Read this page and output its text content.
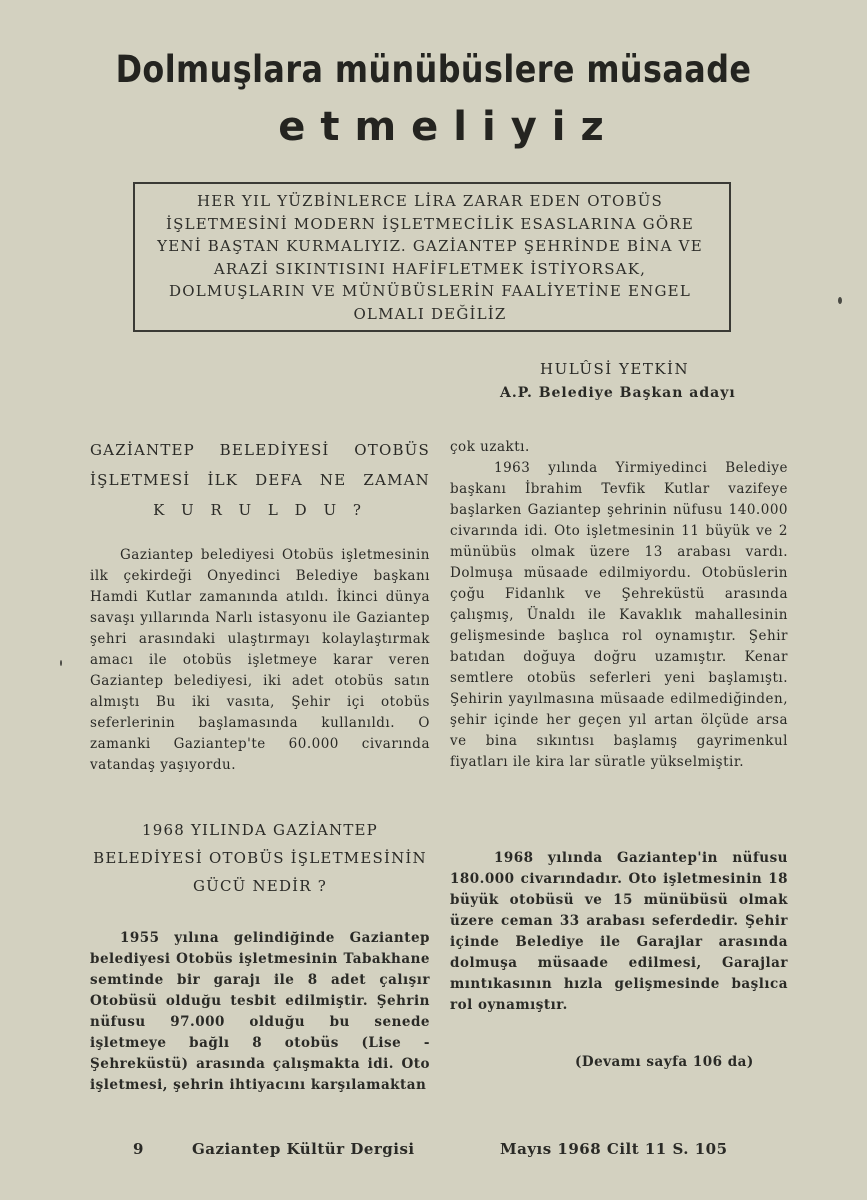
Dolmuşlara münübüslere müsaade
etmeliyiz
HER YIL YÜZBİNLERCE LİRA ZARAR EDEN OTOBÜS İŞLETMESİNİ MODERN İŞLETMECİLİK ESASLARINA GÖRE YENİ BAŞTAN KURMALIYIZ. GAZİANTEP ŞEHRİNDE BİNA VE ARAZİ SIKINTISINI HAFİFLETMEK İSTİYORSAK, DOLMUŞLARIN VE MÜNÜBÜSLERİN FAALİYETİNE ENGEL OLMALI DEĞİLİZ
HULÛSİ YETKİN
A.P. Belediye Başkan adayı
GAZİANTEP BELEDİYESİ OTOBÜS İŞLETMESİ İLK DEFA NE ZAMAN
K U R U L D U ?
Gaziantep belediyesi Otobüs işletmesinin ilk çekirdeği Onyedinci Belediye başkanı Hamdi Kutlar zamanında atıldı. İkinci dünya savaşı yıllarında Narlı istasyonu ile Gaziantep şehri arasındaki ulaştırmayı kolaylaştırmak amacı ile otobüs işletmeye karar veren Gaziantep belediyesi, iki adet otobüs satın almıştı Bu iki vasıta, Şehir içi otobüs seferlerinin başlamasında kullanıldı. O zamanki Gaziantep'te 60.000 civarında vatandaş yaşıyordu.
1968 YILINDA GAZİANTEP
BELEDİYESİ OTOBÜS İŞLETMESİNİN
GÜCÜ NEDİR ?
1955 yılına gelindiğinde Gaziantep belediyesi Otobüs işletmesinin Tabakhane semtinde bir garajı ile 8 adet çalışır Otobüsü olduğu tesbit edilmiştir. Şehrin nüfusu 97.000 olduğu bu senede işletmeye bağlı 8 otobüs (Lise - Şehreküstü) arasında çalışmakta idi. Oto işletmesi, şehrin ihtiyacını karşılamaktan
çok uzaktı.
1963 yılında Yirmiyedinci Belediye başkanı İbrahim Tevfik Kutlar vazifeye başlarken Gaziantep şehrinin nüfusu 140.000 civarında idi. Oto işletmesinin 11 büyük ve 2 münübüs olmak üzere 13 arabası vardı. Dolmuşa müsaade edilmiyordu. Otobüslerin çoğu Fidanlık ve Şehreküstü arasında çalışmış, Ünaldı ile Kavaklık mahallesinin gelişmesinde başlıca rol oynamıştır. Şehir batıdan doğuya doğru uzamıştır. Kenar semtlere otobüs seferleri yeni başlamıştı. Şehirin yayılmasına müsaade edilmediğinden, şehir içinde her geçen yıl artan ölçüde arsa ve bina sıkıntısı başlamış gayrimenkul fiyatları ile kira lar süratle yükselmiştir.
1968 yılında Gaziantep'in nüfusu 180.000 civarındadır. Oto işletmesinin 18 büyük otobüsü ve 15 münübüsü olmak üzere ceman 33 arabası seferdedir. Şehir içinde Belediye ile Garajlar arasında dolmuşa müsaade edilmesi, Garajlar mıntıkasının hızla gelişmesinde başlıca rol oynamıştır.
(Devamı sayfa 106 da)
9	Gaziantep Kültür Dergisi	Mayıs 1968 Cilt 11 S. 105
